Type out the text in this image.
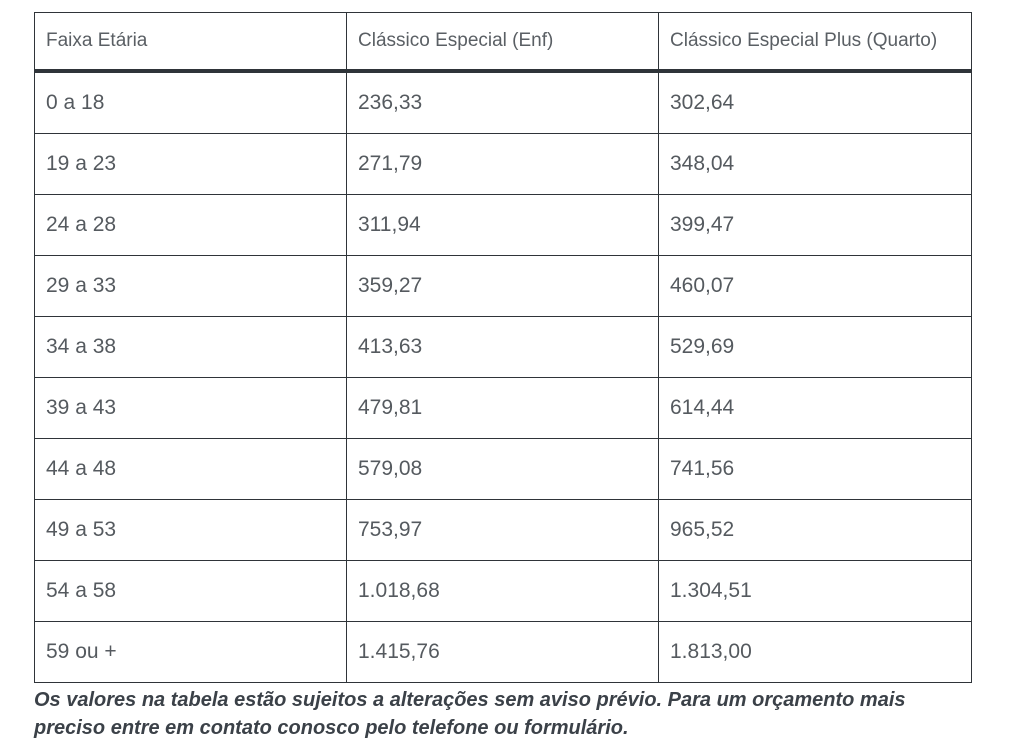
Faixa Etária	Clássico Especial (Enf)	Clássico Especial Plus (Quarto)
0 a 18	236,33	302,64
19 a 23	271,79	348,04
24 a 28	311,94	399,47
29 a 33	359,27	460,07
34 a 38	413,63	529,69
39 a 43	479,81	614,44
44 a 48	579,08	741,56
49 a 53	753,97	965,52
54 a 58	1.018,68	1.304,51
59 ou +	1.415,76	1.813,00
Os valores na tabela estão sujeitos a alterações sem aviso prévio. Para um orçamento mais
preciso entre em contato conosco pelo telefone ou formulário.
